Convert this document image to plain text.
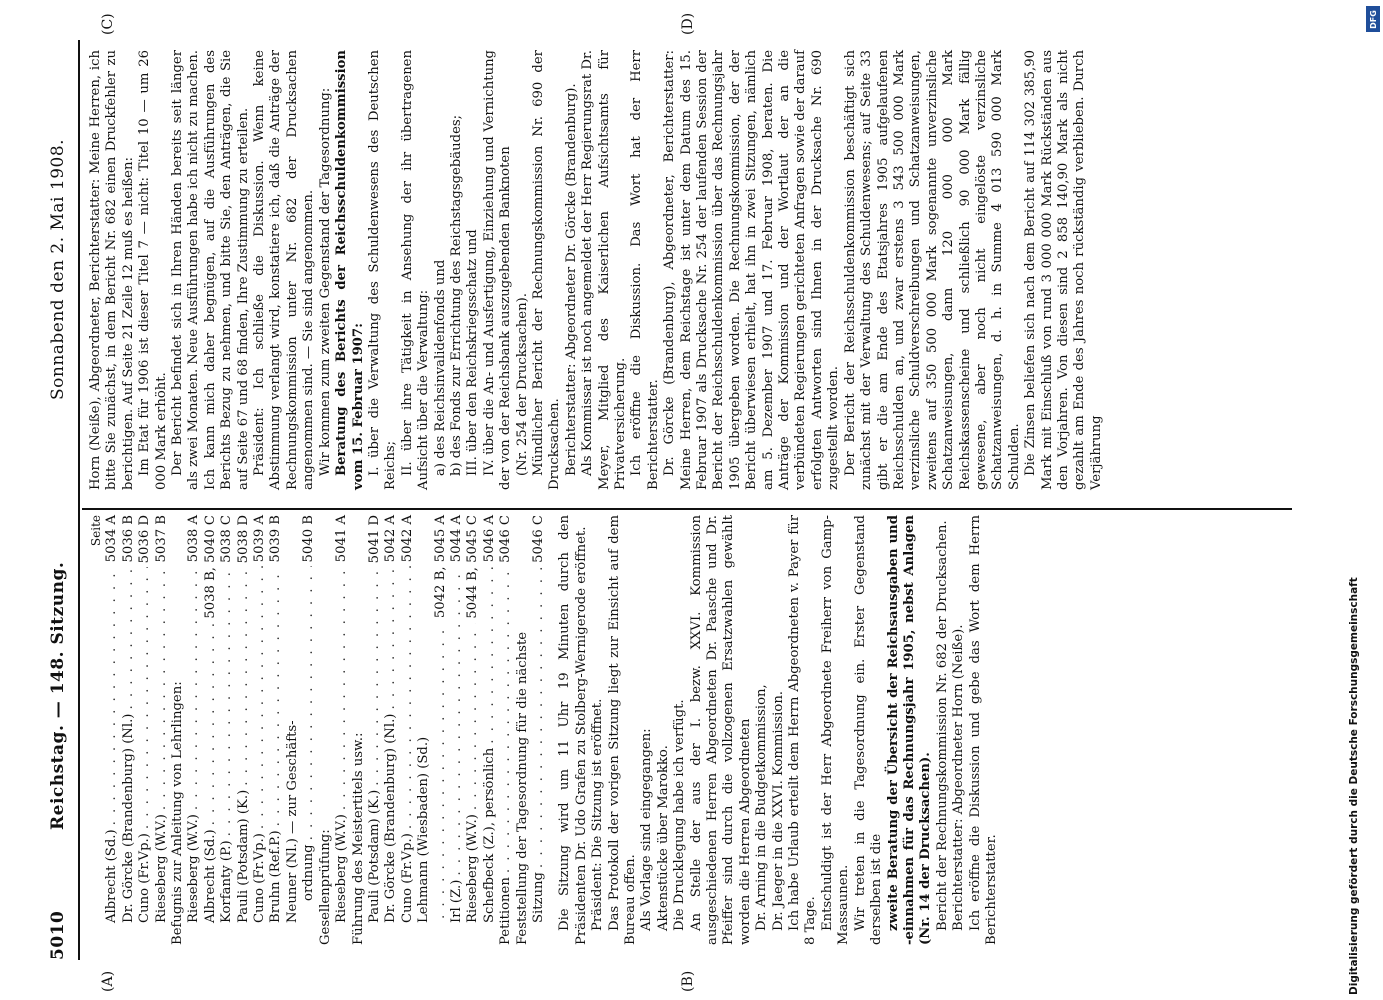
5010
Reichstag. — 148. Sitzung.
Sonnabend den 2. Mai 1908.
(A)	(B)
(C)	(D)
Seite
Albrecht (Sd.)
. . .
5034 A
Dr. Görcke (Brandenburg) (Nl.)
. . .
5036 B
Cuno (Fr.Vp.)
. . .
5036 D
Rieseberg (W.V.)
. . .
5037 B
Befugnis zur Anleitung von Lehrlingen: Rieseberg (W.V.)
. . .
5038 A
Albrecht (Sd.)
. . .
5038 B, 5040 C
Korfanty (P.)
. . .
5038 C
Pauli (Potsdam) (K.)
. . .
5038 D
Cuno (Fr.Vp.)
. . .
5039 A
Bruhn (Ref.P.)
. . .
5039 B
Neuner (Nl.) — zur Geschäfts- ordnung
. . .
5040 B
Gesellenprüfung: Rieseberg (W.V.)
. . .
5041 A
Führung des Meistertitels usw.: Pauli (Potsdam) (K.)
. . .
5041 D
Dr. Görcke (Brandenburg) (Nl.)
. . .
5042 A
Cuno (Fr.Vp.)
. . .
5042 A
Lehmann (Wiesbaden) (Sd.)
. . .
5042 B, 5045 A
Irl (Z.)
. . .
5044 A
Rieseberg (W.V.)
. . .
5044 B, 5045 C
Schefbeck (Z.), persönlich
. . .
5046 A
Petitionen
. . .
5046 C
Feststellung der Tagesordnung für die nächste Sitzung
. . .
5046 C Die Sitzung wird um 11 Uhr 19 Minuten durch den Präsidenten Dr. Udo Grafen zu Stolberg-Wernigerode eröffnet. Präsident: Die Sitzung ist eröffnet. Das Protokoll der vorigen Sitzung liegt zur Einsicht auf dem Bureau offen. Als Vorlage sind eingegangen: Aktenstücke über Marokko. Die Drucklegung habe ich verfügt. An Stelle der aus der I. bezw. XXVI. Kommission ausgeschiedenen Herren Abgeordneten Dr. Paasche und Dr. Pfeiffer sind durch die vollzogenen Ersatzwahlen gewählt worden die Herren Abgeordneten Dr. Arning in die Budgetkommission, Dr. Jaeger in die XXVI. Kommission. Ich habe Urlaub erteilt dem Herrn Abgeordneten v. Payer für 8 Tage. Entschuldigt ist der Herr Abgeordnete Freiherr von Gamp-Massaunen. Wir treten in die Tagesordnung ein. Erster Gegenstand derselben ist die zweite Beratung der Übersicht der Reichsausgaben und -einnahmen für das Rechnungsjahr 1905, nebst Anlagen (Nr. 14 der Drucksachen). Bericht der Rechnungskommission Nr. 682 der Drucksachen. Berichterstatter: Abgeordneter Horn (Neiße). Ich eröffne die Diskussion und gebe das Wort dem Herrn Berichterstatter.

Horn (Neiße), Abgeordneter, Berichterstatter: Meine Herren, ich bitte Sie zunächst, in dem Bericht Nr. 682 einen Druckfehler zu berichtigen. Auf Seite 21 Zeile 12 muß es heißen: Im Etat für 1906 ist dieser Titel 7 — nicht: Titel 10 — um 26 000 Mark erhöht. Der Bericht befindet sich in Ihren Händen bereits seit länger als zwei Monaten. Neue Ausführungen habe ich nicht zu machen. Ich kann mich daher begnügen, auf die Ausführungen des Berichts Bezug zu nehmen, und bitte Sie, den Anträgen, die Sie auf Seite 67 und 68 finden, Ihre Zustimmung zu erteilen. Präsident: Ich schließe die Diskussion. Wenn keine Abstimmung verlangt wird, konstatiere ich, daß die Anträge der Rechnungskommission unter Nr. 682 der Drucksachen angenommen sind. — Sie sind angenommen. Wir kommen zum zweiten Gegenstand der Tagesordnung: Beratung des Berichts der Reichsschuldenkommission vom 15. Februar 1907: I. über die Verwaltung des Schuldenwesens des Deutschen Reichs; II. über ihre Tätigkeit in Ansehung der ihr übertragenen Aufsicht über die Verwaltung: a) des Reichsinvalidenfonds und b) des Fonds zur Errichtung des Reichstagsgebäudes; III. über den Reichskriegsschatz und IV. über die An- und Ausfertigung, Einziehung und Vernichtung der von der Reichsbank auszugebenden Banknoten (Nr. 254 der Drucksachen). Mündlicher Bericht der Rechnungskommission Nr. 690 der Drucksachen. Berichterstatter: Abgeordneter Dr. Görcke (Brandenburg). Als Kommissar ist noch angemeldet der Herr Regierungsrat Dr. Meyer, Mitglied des Kaiserlichen Aufsichtsamts für Privatversicherung. Ich eröffne die Diskussion. Das Wort hat der Herr Berichterstatter. Dr. Görcke (Brandenburg), Abgeordneter, Berichterstatter: Meine Herren, dem Reichstage ist unter dem Datum des 15. Februar 1907 als Drucksache Nr. 254 der laufenden Session der Bericht der Reichsschuldenkommission über das Rechnungsjahr 1905 übergeben worden. Die Rechnungskommission, der der Bericht überwiesen erhielt, hat ihn in zwei Sitzungen, nämlich am 5. Dezember 1907 und 17. Februar 1908, beraten. Die Anträge der Kommission und der Wortlaut der an die verbündeten Regierungen gerichteten Anfragen sowie der darauf erfolgten Antworten sind Ihnen in der Drucksache Nr. 690 zugestellt worden. Der Bericht der Reichsschuldenkommission beschäftigt sich zunächst mit der Verwaltung des Schuldenwesens; auf Seite 33 gibt er die am Ende des Etatsjahres 1905 aufgelaufenen Reichsschulden an, und zwar erstens 3 543 500 000 Mark verzinsliche Schuldverschreibungen und Schatzanweisungen, zweitens auf 350 500 000 Mark sogenannte unverzinsliche Schatzanweisungen, dann 120 000 000 Mark Reichskassenscheine und schließlich 90 000 Mark fällig gewesene, aber noch nicht eingelöste verzinsliche Schatzanweisungen, d. h. in Summe 4 013 590 000 Mark Schulden. Die Zinsen beliefen sich nach dem Bericht auf 114 302 385,90 Mark mit Einschluß von rund 3 000 000 Mark Rückständen aus den Vorjahren. Von diesen sind 2 858 140,90 Mark als nicht gezahlt am Ende des Jahres noch rückständig verblieben. Durch Verjährung

Digitalisierung gefördert durch die Deutsche Forschungsgemeinschaft
DFG
